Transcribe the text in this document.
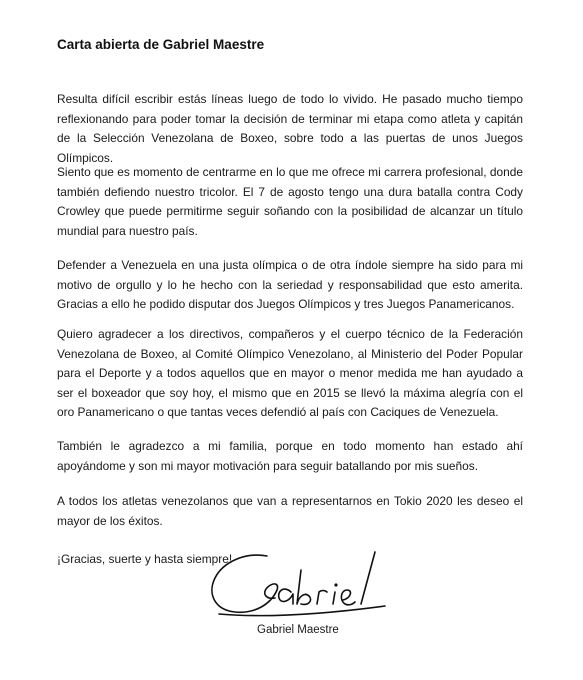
Carta abierta de Gabriel Maestre
Resulta difícil escribir estás líneas luego de todo lo vivido. He pasado mucho tiempo reflexionando para poder tomar la decisión de terminar mi etapa como atleta y capitán de la Selección Venezolana de Boxeo, sobre todo a las puertas de unos Juegos Olímpicos.
Siento que es momento de centrarme en lo que me ofrece mi carrera profesional, donde también defiendo nuestro tricolor. El 7 de agosto tengo una dura batalla contra Cody Crowley que puede permitirme seguir soñando con la posibilidad de alcanzar un título mundial para nuestro país.
Defender a Venezuela en una justa olímpica o de otra índole siempre ha sido para mi motivo de orgullo y lo he hecho con la seriedad y responsabilidad que esto amerita. Gracias a ello he podido disputar dos Juegos Olímpicos y tres Juegos Panamericanos.
Quiero agradecer a los directivos, compañeros y el cuerpo técnico de la Federación Venezolana de Boxeo, al Comité Olímpico Venezolano, al Ministerio del Poder Popular para el Deporte y a todos aquellos que en mayor o menor medida me han ayudado a ser el boxeador que soy hoy, el mismo que en 2015 se llevó la máxima alegría con el oro Panamericano o que tantas veces defendió al país con Caciques de Venezuela.
También le agradezco a mi familia, porque en todo momento han estado ahí apoyándome y son mi mayor motivación para seguir batallando por mis sueños.
A todos los atletas venezolanos que van a representarnos en Tokio 2020 les deseo el mayor de los éxitos.
¡Gracias, suerte y hasta siempre!
Gabriel Maestre
